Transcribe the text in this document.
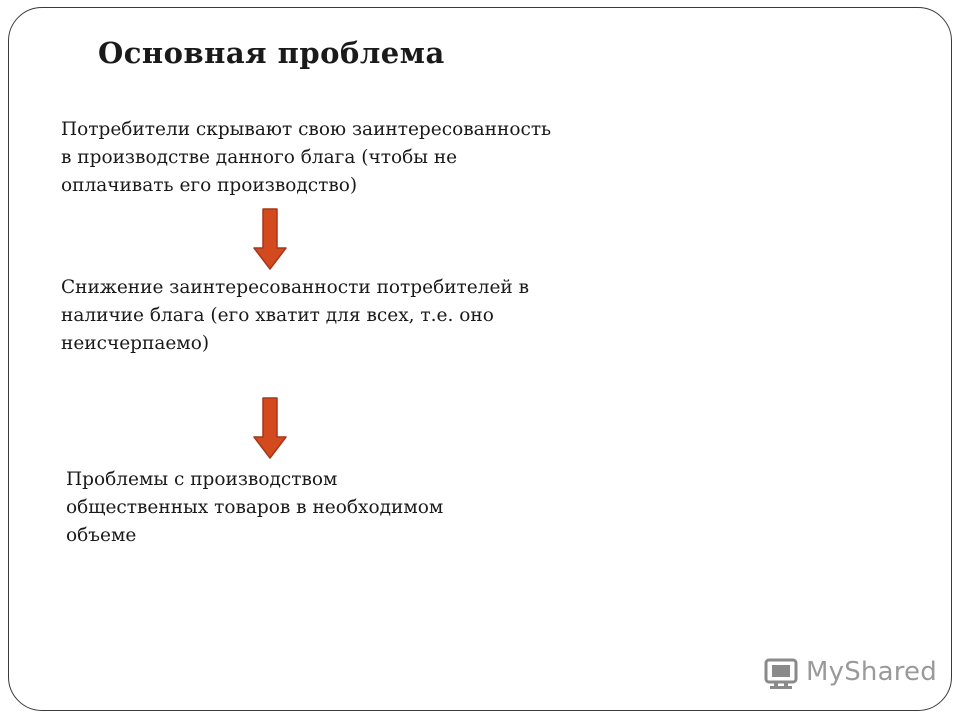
Основная проблема
Потребители скрывают свою заинтересованность
в производстве данного блага (чтобы не
оплачивать его производство)
Снижение заинтересованности потребителей в
наличие блага (его хватит для всех, т.е. оно
неисчерпаемо)
Проблемы с производством
общественных товаров в необходимом
объеме
MyShared
